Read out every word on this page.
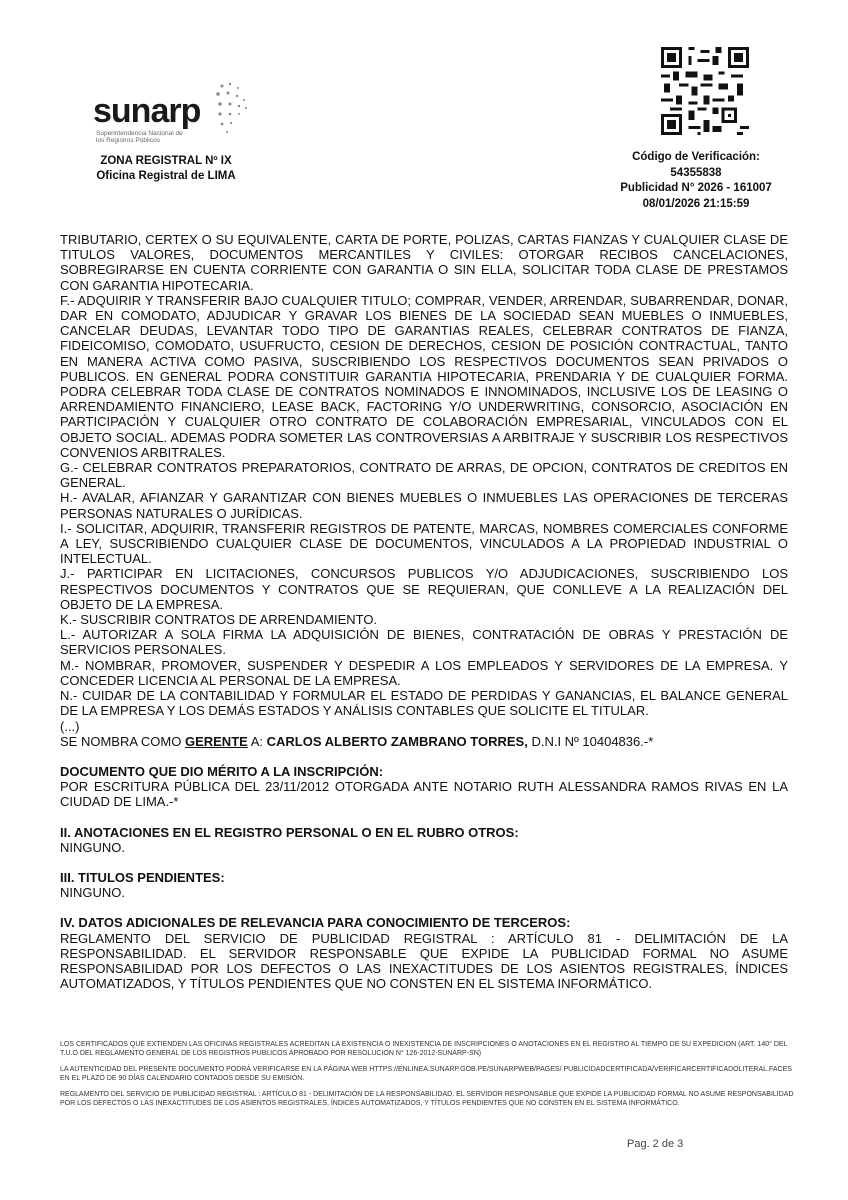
sunarp
Superintendencia Nacional de los Registros Públicos
ZONA REGISTRAL Nº IX
Oficina Registral de LIMA
Código de Verificación:
54355838
Publicidad N° 2026 - 161007
08/01/2026 21:15:59

TRIBUTARIO, CERTEX O SU EQUIVALENTE, CARTA DE PORTE, POLIZAS, CARTAS FIANZAS Y CUALQUIER CLASE DE TITULOS VALORES, DOCUMENTOS MERCANTILES Y CIVILES: OTORGAR RECIBOS CANCELACIONES, SOBREGIRARSE EN CUENTA CORRIENTE CON GARANTIA O SIN ELLA, SOLICITAR TODA CLASE DE PRESTAMOS CON GARANTIA HIPOTECARIA.

F.- ADQUIRIR Y TRANSFERIR BAJO CUALQUIER TITULO; COMPRAR, VENDER, ARRENDAR, SUBARRENDAR, DONAR, DAR EN COMODATO, ADJUDICAR Y GRAVAR LOS BIENES DE LA SOCIEDAD SEAN MUEBLES O INMUEBLES, CANCELAR DEUDAS, LEVANTAR TODO TIPO DE GARANTIAS REALES, CELEBRAR CONTRATOS DE FIANZA, FIDEICOMISO, COMODATO, USUFRUCTO, CESION DE DERECHOS, CESION DE POSICIÓN CONTRACTUAL, TANTO EN MANERA ACTIVA COMO PASIVA, SUSCRIBIENDO LOS RESPECTIVOS DOCUMENTOS SEAN PRIVADOS O PUBLICOS. EN GENERAL PODRA CONSTITUIR GARANTIA HIPOTECARIA, PRENDARIA Y DE CUALQUIER FORMA. PODRA CELEBRAR TODA CLASE DE CONTRATOS NOMINADOS E INNOMINADOS, INCLUSIVE LOS DE LEASING O ARRENDAMIENTO FINANCIERO, LEASE BACK, FACTORING Y/O UNDERWRITING, CONSORCIO, ASOCIACIÓN EN PARTICIPACIÓN Y CUALQUIER OTRO CONTRATO DE COLABORACIÓN EMPRESARIAL, VINCULADOS CON EL OBJETO SOCIAL. ADEMAS PODRA SOMETER LAS CONTROVERSIAS A ARBITRAJE Y SUSCRIBIR LOS RESPECTIVOS CONVENIOS ARBITRALES.

G.- CELEBRAR CONTRATOS PREPARATORIOS, CONTRATO DE ARRAS, DE OPCION, CONTRATOS DE CREDITOS EN GENERAL.

H.- AVALAR, AFIANZAR Y GARANTIZAR CON BIENES MUEBLES O INMUEBLES LAS OPERACIONES DE TERCERAS PERSONAS NATURALES O JURÍDICAS.

I.- SOLICITAR, ADQUIRIR, TRANSFERIR REGISTROS DE PATENTE, MARCAS, NOMBRES COMERCIALES CONFORME A LEY, SUSCRIBIENDO CUALQUIER CLASE DE DOCUMENTOS, VINCULADOS A LA PROPIEDAD INDUSTRIAL O INTELECTUAL.

J.- PARTICIPAR EN LICITACIONES, CONCURSOS PUBLICOS Y/O ADJUDICACIONES, SUSCRIBIENDO LOS RESPECTIVOS DOCUMENTOS Y CONTRATOS QUE SE REQUIERAN, QUE CONLLEVE A LA REALIZACIÓN DEL OBJETO DE LA EMPRESA.

K.- SUSCRIBIR CONTRATOS DE ARRENDAMIENTO.

L.- AUTORIZAR A SOLA FIRMA LA ADQUISICIÓN DE BIENES, CONTRATACIÓN DE OBRAS Y PRESTACIÓN DE SERVICIOS PERSONALES.

M.- NOMBRAR, PROMOVER, SUSPENDER Y DESPEDIR A LOS EMPLEADOS Y SERVIDORES DE LA EMPRESA. Y CONCEDER LICENCIA AL PERSONAL DE LA EMPRESA.

N.- CUIDAR DE LA CONTABILIDAD Y FORMULAR EL ESTADO DE PERDIDAS Y GANANCIAS, EL BALANCE GENERAL DE LA EMPRESA Y LOS DEMÁS ESTADOS Y ANÁLISIS CONTABLES QUE SOLICITE EL TITULAR.

(...)

SE NOMBRA COMO GERENTE A: CARLOS ALBERTO ZAMBRANO TORRES, D.N.I Nº 10404836.-*

DOCUMENTO QUE DIO MÉRITO A LA INSCRIPCIÓN:

POR ESCRITURA PÚBLICA DEL 23/11/2012 OTORGADA ANTE NOTARIO RUTH ALESSANDRA RAMOS RIVAS EN LA CIUDAD DE LIMA.-*

II. ANOTACIONES EN EL REGISTRO PERSONAL O EN EL RUBRO OTROS:

NINGUNO.

III. TITULOS PENDIENTES:

NINGUNO.

IV. DATOS ADICIONALES DE RELEVANCIA PARA CONOCIMIENTO DE TERCEROS:

REGLAMENTO DEL SERVICIO DE PUBLICIDAD REGISTRAL : ARTÍCULO 81 - DELIMITACIÓN DE LA RESPONSABILIDAD. EL SERVIDOR RESPONSABLE QUE EXPIDE LA PUBLICIDAD FORMAL NO ASUME RESPONSABILIDAD POR LOS DEFECTOS O LAS INEXACTITUDES DE LOS ASIENTOS REGISTRALES, ÍNDICES AUTOMATIZADOS, Y TÍTULOS PENDIENTES QUE NO CONSTEN EN EL SISTEMA INFORMÁTICO.

LOS CERTIFICADOS QUE EXTIENDEN LAS OFICINAS REGISTRALES ACREDITAN LA EXISTENCIA O INEXISTENCIA DE INSCRIPCIONES O ANOTACIONES EN EL REGISTRO AL TIEMPO DE SU EXPEDICION (ART. 140° DEL T.U.O DEL REGLAMENTO GENERAL DE LOS REGISTROS PUBLICOS APROBADO POR RESOLUCION N° 126-2012-SUNARP-SN)

LA AUTENTICIDAD DEL PRESENTE DOCUMENTO PODRÁ VERIFICARSE EN LA PÁGINA WEB HTTPS://ENLINEA.SUNARP.GOB.PE/SUNARPWEB/PAGES/ PUBLICIDADCERTIFICADA/VERIFICARCERTIFICADOLITERAL.FACES EN EL PLAZO DE 90 DÍAS CALENDARIO CONTADOS DESDE SU EMISIÓN.

REGLAMENTO DEL SERVICIO DE PUBLICIDAD REGISTRAL : ARTÍCULO 81 - DELIMITACIÓN DE LA RESPONSABILIDAD. EL SERVIDOR RESPONSABLE QUE EXPIDE LA PUBLICIDAD FORMAL NO ASUME RESPONSABILIDAD POR LOS DEFECTOS O LAS INEXACTITUDES DE LOS ASIENTOS REGISTRALES, ÍNDICES AUTOMATIZADOS, Y TÍTULOS PENDIENTES QUE NO CONSTEN EN EL SISTEMA INFORMÁTICO.

Pag. 2 de 3
